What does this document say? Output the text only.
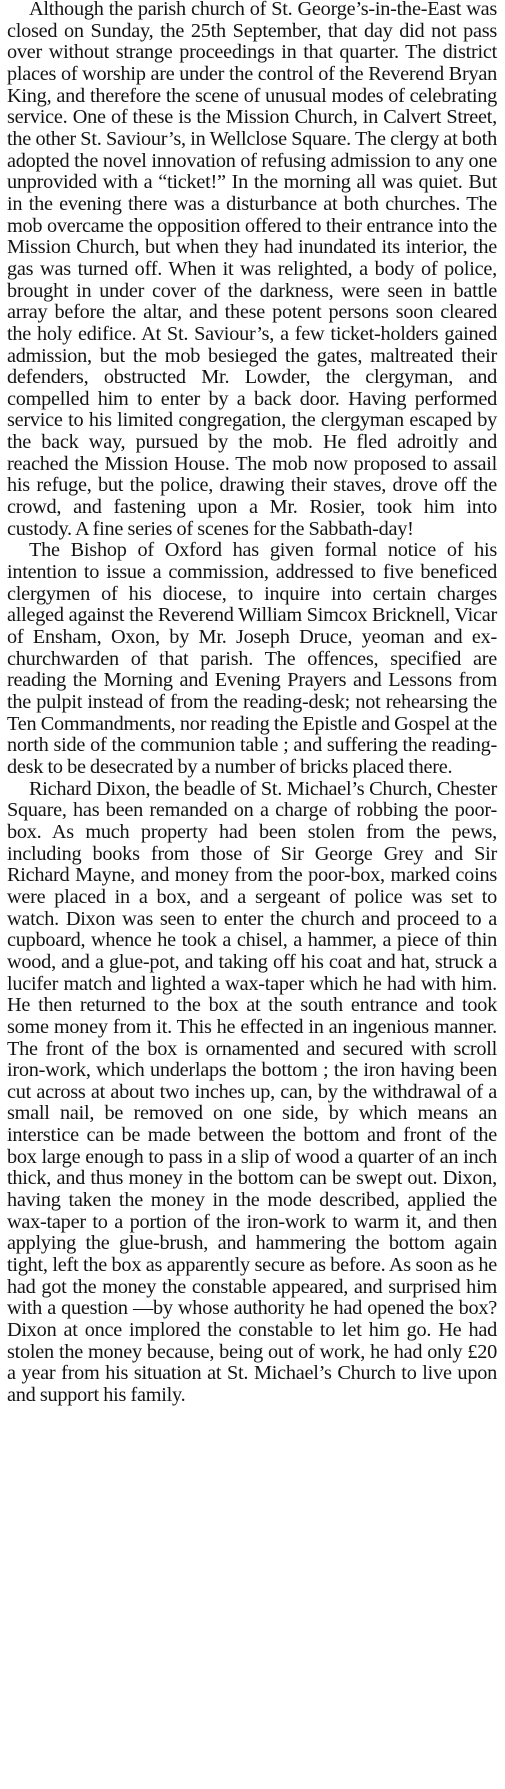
Although the parish church of St. George’s-in-the-East was closed on Sunday, the 25th September, that day did not pass over without strange proceedings in that quarter. The district places of worship are under the control of the Reverend Bryan King, and therefore the scene of unusual modes of celebrating service. One of these is the Mission Church, in Calvert Street, the other St. Saviour’s, in Wellclose Square. The clergy at both adopted the novel innovation of refusing admission to any one unprovided with a “ticket!” In the morning all was quiet. But in the evening there was a disturbance at both churches. The mob overcame the opposition offered to their entrance into the Mission Church, but when they had inundated its interior, the gas was turned off. When it was relighted, a body of police, brought in under cover of the darkness, were seen in battle array before the altar, and these potent persons soon cleared the holy edifice. At St. Saviour’s, a few ticket-holders gained admission, but the mob besieged the gates, maltreated their defenders, obstructed Mr. Lowder, the clergyman, and compelled him to enter by a back door. Having performed service to his limited congregation, the clergyman escaped by the back way, pursued by the mob. He fled adroitly and reached the Mission House. The mob now proposed to assail his refuge, but the police, drawing their staves, drove off the crowd, and fastening upon a Mr. Rosier, took him into custody. A fine series of scenes for the Sabbath-day!

The Bishop of Oxford has given formal notice of his intention to issue a commission, addressed to five beneficed clergymen of his diocese, to inquire into certain charges alleged against the Reverend William Simcox Bricknell, Vicar of Ensham, Oxon, by Mr. Joseph Druce, yeoman and ex-churchwarden of that parish. The offences, specified are reading the Morning and Evening Prayers and Lessons from the pulpit instead of from the reading-desk; not rehearsing the Ten Commandments, nor reading the Epistle and Gospel at the north side of the communion table ; and suffering the reading-desk to be desecrated by a number of bricks placed there.

Richard Dixon, the beadle of St. Michael’s Church, Chester Square, has been remanded on a charge of robbing the poor-box. As much property had been stolen from the pews, including books from those of Sir George Grey and Sir Richard Mayne, and money from the poor-box, marked coins were placed in a box, and a sergeant of police was set to watch. Dixon was seen to enter the church and proceed to a cupboard, whence he took a chisel, a hammer, a piece of thin wood, and a glue-pot, and taking off his coat and hat, struck a lucifer match and lighted a wax-taper which he had with him. He then returned to the box at the south entrance and took some money from it. This he effected in an ingenious manner. The front of the box is ornamented and secured with scroll iron-work, which underlaps the bottom ; the iron having been cut across at about two inches up, can, by the withdrawal of a small nail, be removed on one side, by which means an interstice can be made between the bottom and front of the box large enough to pass in a slip of wood a quarter of an inch thick, and thus money in the bottom can be swept out. Dixon, having taken the money in the mode described, applied the wax-taper to a portion of the iron-work to warm it, and then applying the glue-brush, and hammering the bottom again tight, left the box as apparently secure as before. As soon as he had got the money the constable appeared, and surprised him with a question —by whose authority he had opened the box? Dixon at once implored the constable to let him go. He had stolen the money because, being out of work, he had only £20 a year from his situation at St. Michael’s Church to live upon and support his family.
